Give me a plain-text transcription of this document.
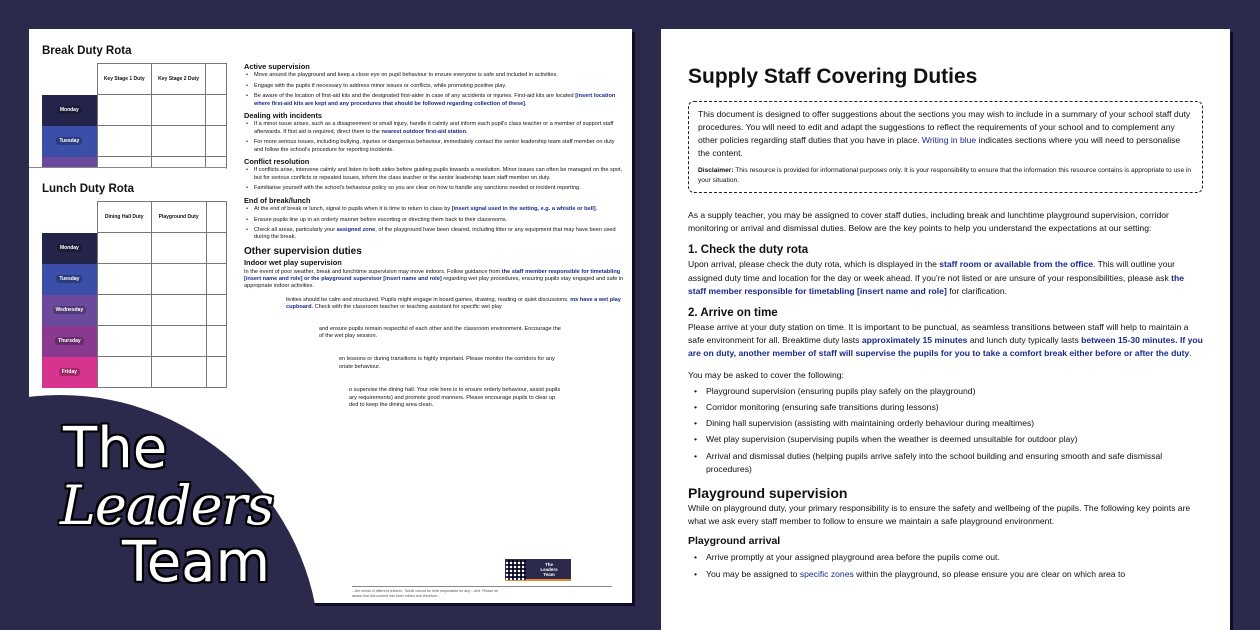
Break Duty Rota
	Key Stage 1 Duty	Key Stage 2 Duty	
Monday			
Tuesday			

Lunch Duty Rota
	Dining Hall Duty	Playground Duty	
Monday			
Tuesday			
Wednesday			
Thursday			
Friday			
Active supervision
• Move around the playground and keep a close eye on pupil behaviour to ensure everyone is safe and included in activities.
• Engage with the pupils if necessary to address minor issues or conflicts, while promoting positive play.
• Be aware of the location of first-aid kits and the designated first-aider in case of any accidents or injuries. First-aid kits are located [insert location where first-aid kits are kept and any procedures that should be followed regarding collection of these].
Dealing with incidents
• If a minor issue arises, such as a disagreement or small injury, handle it calmly and inform each pupil's class teacher or a member of support staff afterwards. If first aid is required, direct them to the nearest outdoor first-aid station.
• For more serious issues, including bullying, injuries or dangerous behaviour, immediately contact the senior leadership team staff member on duty and follow the school's procedure for reporting incidents.
Conflict resolution
• If conflicts arise, intervene calmly and listen to both sides before guiding pupils towards a resolution. Minor issues can often be managed on the spot, but for serious conflicts or repeated issues, inform the class teacher or the senior leadership team staff member on duty.
• Familiarise yourself with the school's behaviour policy so you are clear on how to handle any sanctions needed or incident reporting.
End of break/lunch
• At the end of break or lunch, signal to pupils when it is time to return to class by [insert signal used in the setting, e.g. a whistle or bell].
• Ensure pupils line up in an orderly manner before escorting or directing them back to their classrooms.
• Check all areas, particularly your assigned zone, of the playground have been cleared, including litter or any equipment that may have been used during the break.
Other supervision duties
Indoor wet play supervision

In the event of poor weather, break and lunchtime supervision may move indoors. Follow guidance from the staff member responsible for timetabling [insert name and role] or the playground supervisor [insert name and role] regarding wet play procedures, ensuring pupils stay engaged and safe in appropriate indoor activities.

tivities should be calm and structured. Pupils might engage in board games, drawing, reading or quiet discussions. ms have a wet play cupboard. Check with the classroom teacher or teaching assistant for specific wet play

and ensure pupils remain respectful of each other and the classroom environment. Encourage the
of the wet play session.

en lessons or during transitions is highly important. Please monitor the corridors for any
oriate behaviour.

o supervise the dining hall. Your role here is to ensure orderly behaviour, assist pupils
ary requirements) and promote good manners. Please encourage pupils to clear up
ded to keep the dining area clean.

...the needs of different children. Twinkl cannot be held responsible for any ...ded. Please be aware that this content has been edited and therefore...
The
Leaders
Team
The
Leaders
Team
Supply Staff Covering Duties
This document is designed to offer suggestions about the sections you may wish to include in a summary of your school staff duty procedures. You will need to edit and adapt the suggestions to reflect the requirements of your school and to complement any other policies regarding staff duties that you have in place. Writing in blue indicates sections where you will need to personalise the content.
Disclaimer: This resource is provided for informational purposes only. It is your responsibility to ensure that the information this resource contains is appropriate to use in your situation.

As a supply teacher, you may be assigned to cover staff duties, including break and lunchtime playground supervision, corridor monitoring or arrival and dismissal duties. Below are the key points to help you understand the expectations at our setting:

1. Check the duty rota

Upon arrival, please check the duty rota, which is displayed in the staff room or available from the office. This will outline your assigned duty time and location for the day or week ahead. If you're not listed or are unsure of your responsibilities, please ask the staff member responsible for timetabling [insert name and role] for clarification.

2. Arrive on time

Please arrive at your duty station on time. It is important to be punctual, as seamless transitions between staff will help to maintain a safe environment for all. Breaktime duty lasts approximately 15 minutes and lunch duty typically lasts between 15-30 minutes. If you are on duty, another member of staff will supervise the pupils for you to take a comfort break either before or after the duty.

You may be asked to cover the following:

• Playground supervision (ensuring pupils play safely on the playground)
• Corridor monitoring (ensuring safe transitions during lessons)
• Dining hall supervision (assisting with maintaining orderly behaviour during mealtimes)
• Wet play supervision (supervising pupils when the weather is deemed unsuitable for outdoor play)
• Arrival and dismissal duties (helping pupils arrive safely into the school building and ensuring smooth and safe dismissal procedures)
Playground supervision

While on playground duty, your primary responsibility is to ensure the safety and wellbeing of the pupils. The following key points are what we ask every staff member to follow to ensure we maintain a safe playground environment.

Playground arrival
• Arrive promptly at your assigned playground area before the pupils come out.
• You may be assigned to specific zones within the playground, so please ensure you are clear on which area to
